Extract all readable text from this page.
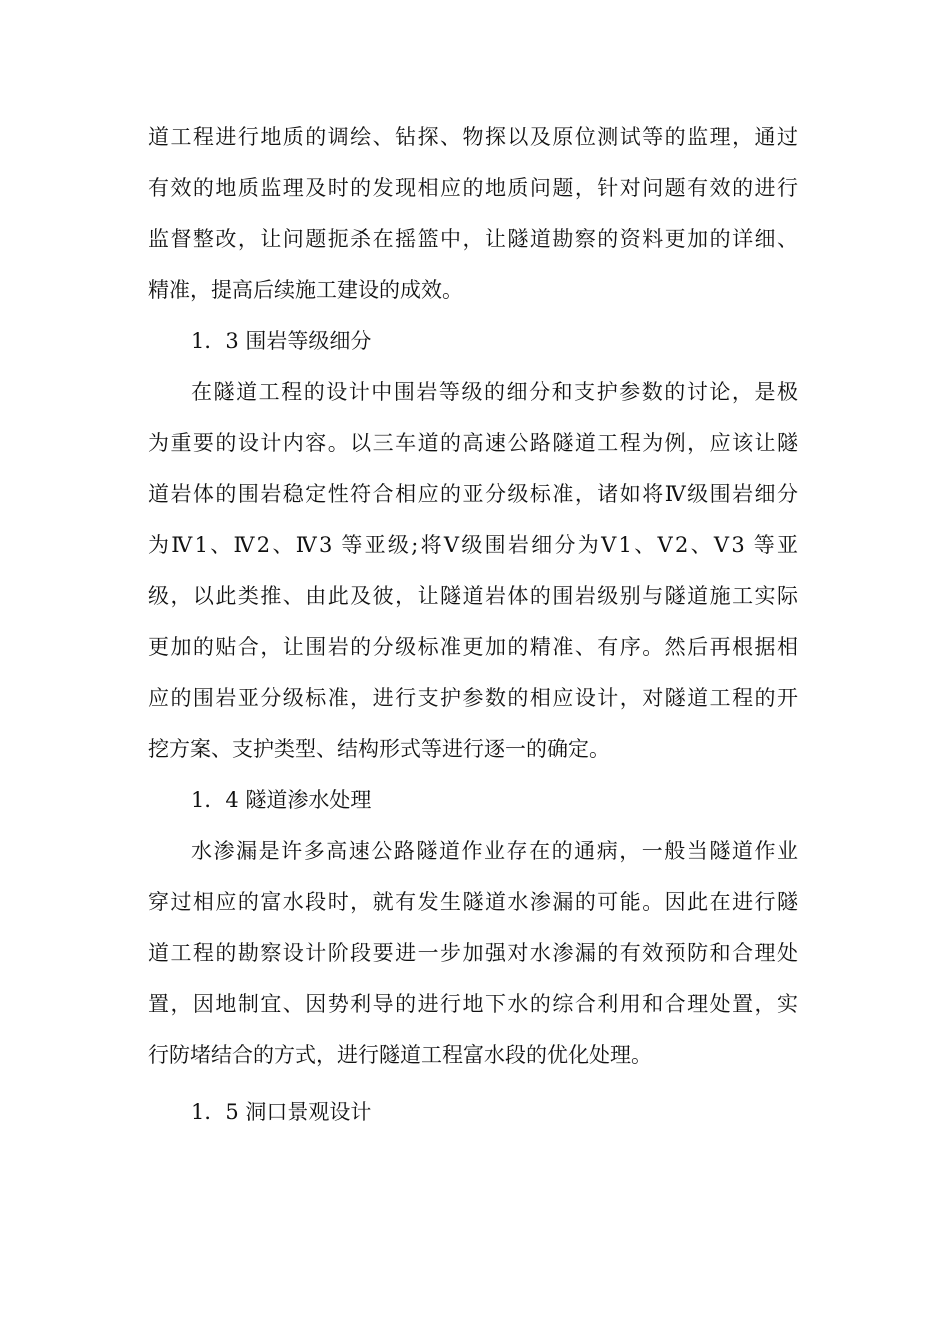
道工程进行地质的调绘、钻探、物探以及原位测试等的监理，通过
有效的地质监理及时的发现相应的地质问题，针对问题有效的进行
监督整改，让问题扼杀在摇篮中，让隧道勘察的资料更加的详细、
精准，提高后续施工建设的成效。
1．3 围岩等级细分
在隧道工程的设计中围岩等级的细分和支护参数的讨论，是极
为重要的设计内容。以三车道的高速公路隧道工程为例，应该让隧
道岩体的围岩稳定性符合相应的亚分级标准，诸如将Ⅳ级围岩细分
为Ⅳ1、Ⅳ2、Ⅳ3 等亚级;将Ⅴ级围岩细分为Ⅴ1、Ⅴ2、Ⅴ3 等亚
级，以此类推、由此及彼，让隧道岩体的围岩级别与隧道施工实际
更加的贴合，让围岩的分级标准更加的精准、有序。然后再根据相
应的围岩亚分级标准，进行支护参数的相应设计，对隧道工程的开
挖方案、支护类型、结构形式等进行逐一的确定。
1．4 隧道渗水处理
水渗漏是许多高速公路隧道作业存在的通病，一般当隧道作业
穿过相应的富水段时，就有发生隧道水渗漏的可能。因此在进行隧
道工程的勘察设计阶段要进一步加强对水渗漏的有效预防和合理处
置，因地制宜、因势利导的进行地下水的综合利用和合理处置，实
行防堵结合的方式，进行隧道工程富水段的优化处理。
1．5 洞口景观设计
